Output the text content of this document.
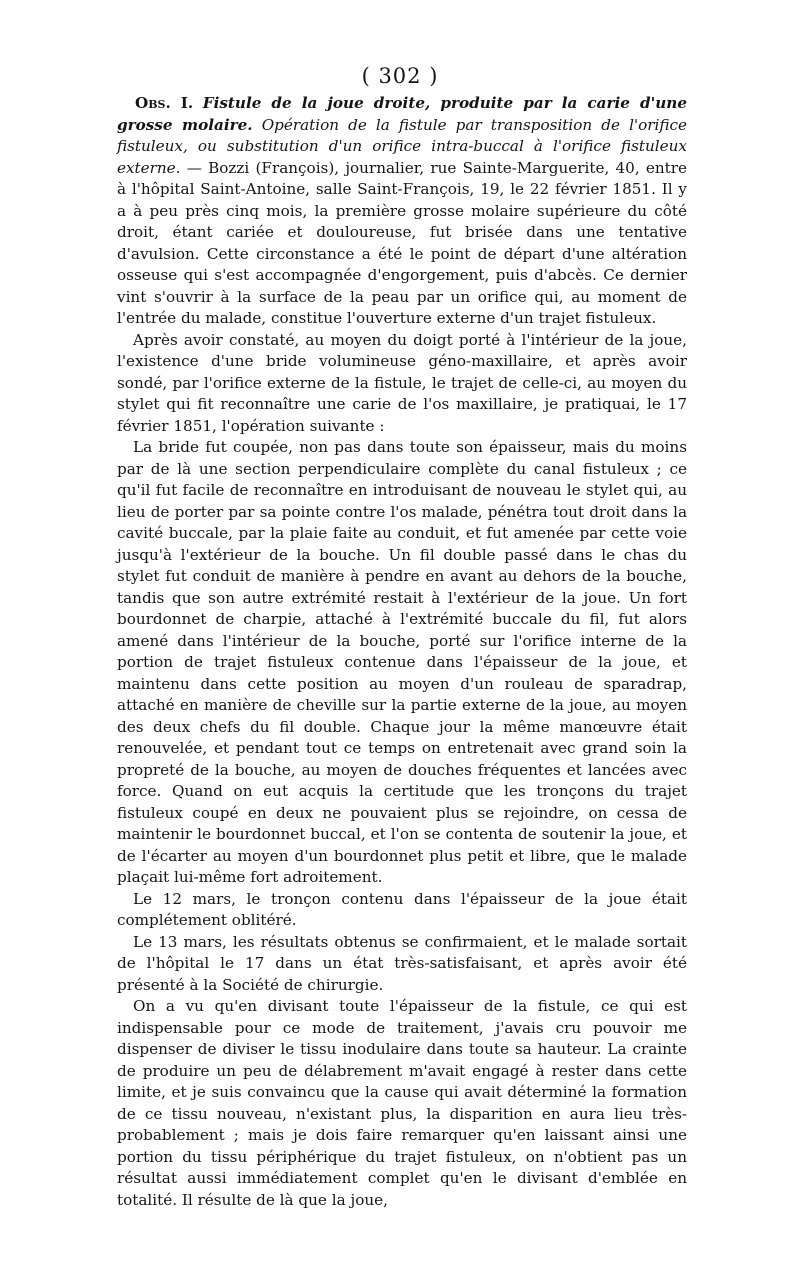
( 302 )

Obs. I. Fistule de la joue droite, produite par la carie d'une grosse molaire. Opération de la fistule par transposition de l'orifice fistuleux, ou substitution d'un orifice intra-buccal à l'orifice fistuleux externe. — Bozzi (François), journalier, rue Sainte-Marguerite, 40, entre à l'hôpital Saint-Antoine, salle Saint-François, 19, le 22 février 1851. Il y a à peu près cinq mois, la première grosse molaire supérieure du côté droit, étant cariée et douloureuse, fut brisée dans une tentative d'avulsion. Cette circonstance a été le point de départ d'une altération osseuse qui s'est accompagnée d'engorgement, puis d'abcès. Ce dernier vint s'ouvrir à la surface de la peau par un orifice qui, au moment de l'entrée du malade, constitue l'ouverture externe d'un trajet fistuleux.

Après avoir constaté, au moyen du doigt porté à l'intérieur de la joue, l'existence d'une bride volumineuse géno-maxillaire, et après avoir sondé, par l'orifice externe de la fistule, le trajet de celle-ci, au moyen du stylet qui fit reconnaître une carie de l'os maxillaire, je pratiquai, le 17 février 1851, l'opération suivante :

La bride fut coupée, non pas dans toute son épaisseur, mais du moins par de là une section perpendiculaire complète du canal fistuleux ; ce qu'il fut facile de reconnaître en introduisant de nouveau le stylet qui, au lieu de porter par sa pointe contre l'os malade, pénétra tout droit dans la cavité buccale, par la plaie faite au conduit, et fut amenée par cette voie jusqu'à l'extérieur de la bouche. Un fil double passé dans le chas du stylet fut conduit de manière à pendre en avant au dehors de la bouche, tandis que son autre extrémité restait à l'extérieur de la joue. Un fort bourdonnet de charpie, attaché à l'extrémité buccale du fil, fut alors amené dans l'intérieur de la bouche, porté sur l'orifice interne de la portion de trajet fistuleux contenue dans l'épaisseur de la joue, et maintenu dans cette position au moyen d'un rouleau de sparadrap, attaché en manière de cheville sur la partie externe de la joue, au moyen des deux chefs du fil double. Chaque jour la même manœuvre était renouvelée, et pendant tout ce temps on entretenait avec grand soin la propreté de la bouche, au moyen de douches fréquentes et lancées avec force. Quand on eut acquis la certitude que les tronçons du trajet fistuleux coupé en deux ne pouvaient plus se rejoindre, on cessa de maintenir le bourdonnet buccal, et l'on se contenta de soutenir la joue, et de l'écarter au moyen d'un bourdonnet plus petit et libre, que le malade plaçait lui-même fort adroitement.

Le 12 mars, le tronçon contenu dans l'épaisseur de la joue était complétement oblitéré.

Le 13 mars, les résultats obtenus se confirmaient, et le malade sortait de l'hôpital le 17 dans un état très-satisfaisant, et après avoir été présenté à la Société de chirurgie.

On a vu qu'en divisant toute l'épaisseur de la fistule, ce qui est indispensable pour ce mode de traitement, j'avais cru pouvoir me dispenser de diviser le tissu inodulaire dans toute sa hauteur. La crainte de produire un peu de délabrement m'avait engagé à rester dans cette limite, et je suis convaincu que la cause qui avait déterminé la formation de ce tissu nouveau, n'existant plus, la disparition en aura lieu très-probablement ; mais je dois faire remarquer qu'en laissant ainsi une portion du tissu périphérique du trajet fistuleux, on n'obtient pas un résultat aussi immédiatement complet qu'en le divisant d'emblée en totalité. Il résulte de là que la joue,
